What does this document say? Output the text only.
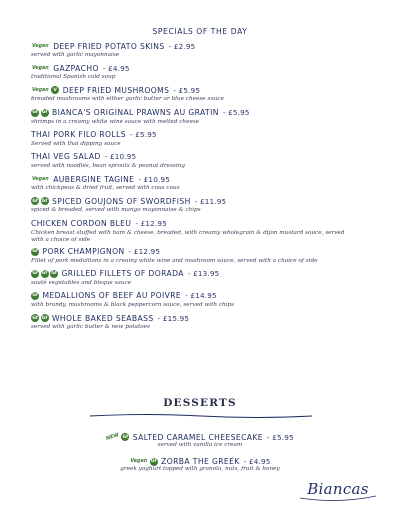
SPECIALS OF THE DAY
Vegan DEEP FRIED POTATO SKINS - £2.95
served with garlic mayonnaise
Vegan GAZPACHO - £4.95
traditional Spanish cold soup
Vegan	V DEEP FRIED MUSHROOMS - £5.95
breaded mushrooms with either garlic butter or blue cheese sauce
Gf Gf BIANCA'S ORIGINAL PRAWNS AU GRATIN - £5.95
shrimps in a creamy white wine sauce with melted cheese
THAI PORK FILO ROLLS - £5.95
Served with thai dipping sauce
THAI VEG SALAD - £10.95
served with noodles, bean sprouts & peanut dressing
Vegan AUBERGINE TAGINE - £10.95
with chickpeas & dried fruit, served with cous cous
Gf Gf SPICED GOUJONS OF SWORDFISH - £11.95
spiced & breaded, served with mango mayonnaise & chips
CHICKEN CORDON BLEU - £12.95
Chicken breast stuffed with ham & cheese, breaded, with creamy wholegrain & dijon mustard sauce, served with a choice of side
Gf PORK CHAMPIGNON - £12.95
Fillet of pork medallions in a creamy white wine and mushroom sauce, served with a choice of side
Gf Gf Gf GRILLED FILLETS OF DORADA - £13.95
sauté vegetables and bisque sauce
Gf MEDALLIONS OF BEEF AU POIVRE - £14.95
with brandy, mushrooms & black peppercorn sauce, served with chips
Gf Gf WHOLE BAKED SEABASS - £15.95
served with garlic butter & new potatoes
DESSERTS
NEW Gf SALTED CARAMEL CHEESECAKE - £5.95
served with vanilla ice cream
Vegan Gf ZORBA THE GREEK - £4.95
greek yoghurt topped with granola, nuts, fruit & honey
Biancas
